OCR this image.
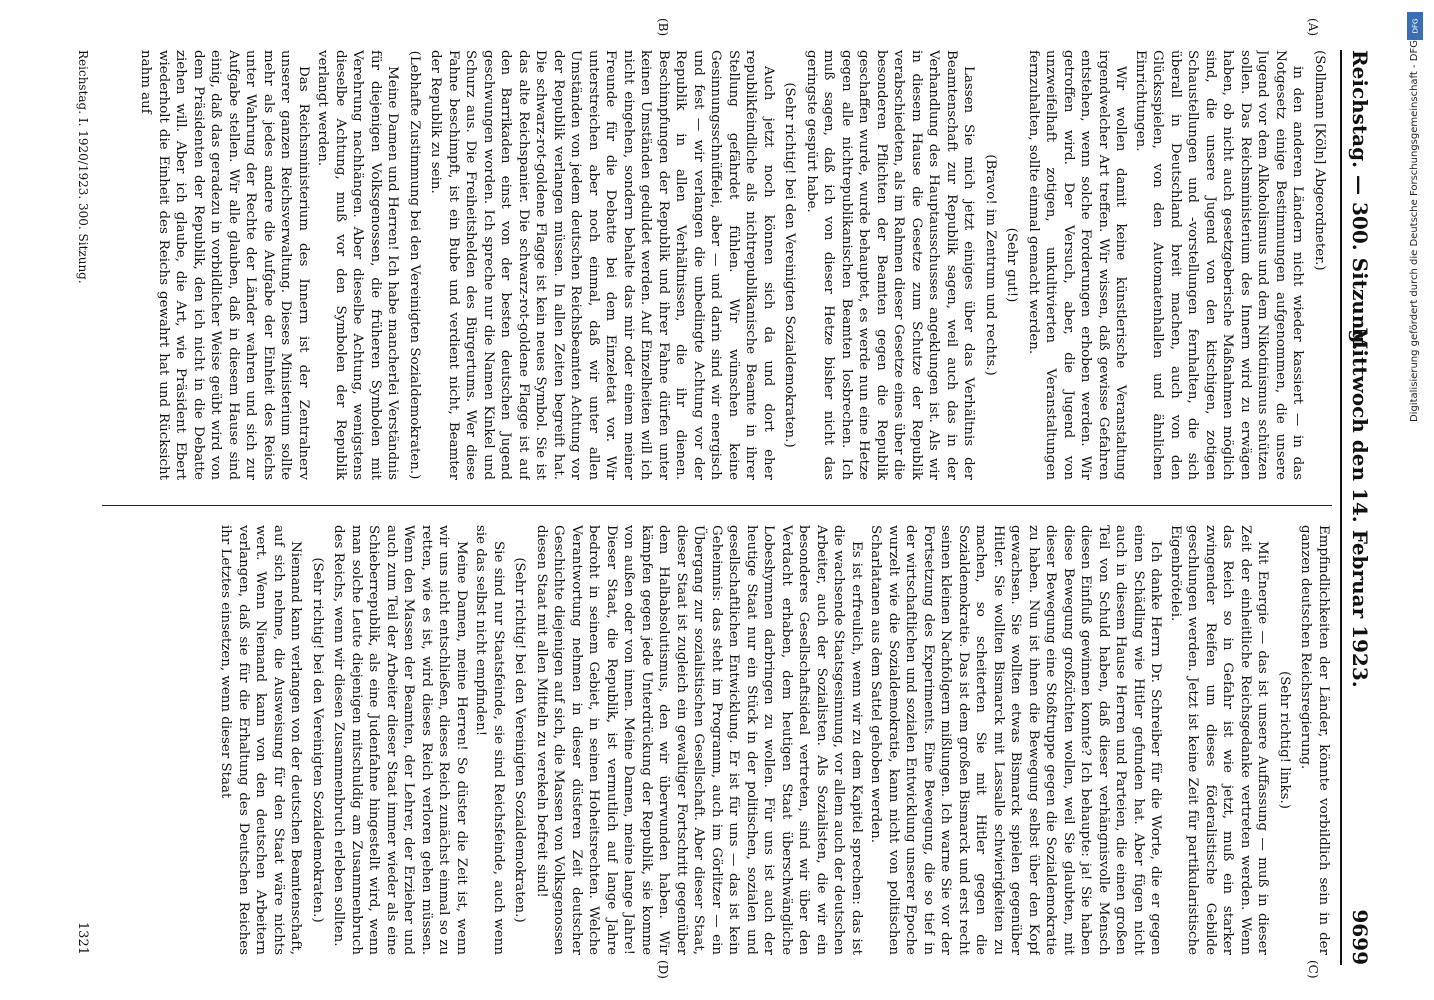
Reichstag. — 300. Sitzung.
Mittwoch den 14. Februar 1923.
9699
(A)
(B)
(C)
(D)

(Sollmann [Köln] Abgeordneter.)

in den anderen Ländern nicht wieder kassiert — in das Notgesetz einige Bestimmungen aufgenommen, die unsere Jugend vor dem Alkoholismus und dem Nikotinismus schützen sollen. Das Reichsministerium des Innern wird zu erwägen haben, ob nicht auch gesetzgeberische Maßnahmen möglich sind, die unsere Jugend von den kitschigen, zotigen Schaustellungen und -vorstellungen fernhalten, die sich überall in Deutschland breit machen, auch von den Glücksspielen, von den Automatenhallen und ähnlichen Einrichtungen.

Wir wollen damit keine künstlerische Veranstaltung irgendwelcher Art treffen. Wir wissen, daß gewisse Gefahren entstehen, wenn solche Forderungen erhoben werden. Wir getroffen wird. Der Versuch, aber, die Jugend von unzweifelhaft zotigen, unkultivierten Veranstaltungen fernzuhalten, sollte einmal gemacht werden.

(Sehr gut!)

(Bravo! im Zentrum und rechts.)

Lassen Sie mich jetzt einiges über das Verhältnis der Beamtenschaft zur Republik sagen, weil auch das in der Verhandlung des Hauptausschusses angeklungen ist. Als wir in diesem Hause die Gesetze zum Schutze der Republik verabschiedeten, als im Rahmen dieser Gesetze eines über die besonderen Pflichten der Beamten gegen die Republik geschaffen wurde, wurde behauptet, es werde nun eine Hetze gegen alle nichtrepublikanischen Beamten losbrechen. Ich muß sagen, daß ich von dieser Hetze bisher nicht das geringste gespürt habe.

(Sehr richtig! bei den Vereinigten Sozialdemokraten.)

Auch jetzt noch können sich da und dort eher republikfeindliche als nichtrepublikanische Beamte in ihrer Stellung gefährdet fühlen. Wir wünschen keine Gesinnungsschnüffelei, aber — und darin sind wir energisch und fest — wir verlangen die unbedingte Achtung vor der Republik in allen Verhältnissen, die ihr dienen. Beschimpfungen der Republik und ihrer Fahne dürfen unter keinen Umständen geduldet werden. Auf Einzelheiten will ich nicht eingehen, sondern behalte das mir oder einem meiner Freunde für die Debatte bei dem Einzeletat vor. Wir unterstreichen aber noch einmal, daß wir unter allen Umständen von jedem deutschen Reichsbeamten Achtung vor der Republik verlangen müssen. In allen Zeiten begreift hat. Die schwarz-rot-goldene Flagge ist kein neues Symbol. Sie ist das alte Reichspanier. Die schwarz-rot-goldene Flagge ist auf den Barrikaden einst von der besten deutschen Jugend geschwungen worden. Ich spreche nur die Namen Kinkel und Schurz aus. Die Freiheitshelden des Bürgertums. Wer diese Fahne beschimpft, ist ein Bube und verdient nicht, Beamter der Republik zu sein.

(Lebhafte Zustimmung bei den Vereinigten Sozialdemokraten.)

Meine Damen und Herren! Ich habe mancherlei Verständnis für diejenigen Volksgenossen, die früheren Symbolen mit Verehrung nachhängen. Aber dieselbe Achtung, wenigstens dieselbe Achtung, muß vor den Symbolen der Republik verlangt werden.

Das Reichsministerium des Innern ist der Zentralnerv unserer ganzen Reichsverwaltung. Dieses Ministerium sollte mehr als jedes andere die Aufgabe der Einheit des Reichs unter Wahrung der Rechte der Länder wahren und sich zur Aufgabe stellen. Wir alle glauben, daß in diesem Hause sind einig, daß das geradezu in vorbildlicher Weise geübt wird von dem Präsidenten der Republik, den ich nicht in die Debatte ziehen will. Aber ich glaube, die Art, wie Präsident Ebert wiederholt die Einheit des Reichs gewahrt hat und Rücksicht nahm auf

Empfindlichkeiten der Länder, könnte vorbildlich sein in der ganzen deutschen Reichsregierung.

(Sehr richtig! links.)

Mit Energie — das ist unsere Auffassung — muß in dieser Zeit der einheitliche Reichsgedanke vertreten werden. Wenn das Reich so in Gefahr ist wie jetzt, muß ein starker zwingender Reifen um dieses föderalistische Gebilde geschlungen werden. Jetzt ist keine Zeit für partikularistische Eigenbrötelei.

Ich danke Herrn Dr. Schreiber für die Worte, die er gegen einen Schädling wie Hitler gefunden hat. Aber fügen nicht auch in diesem Hause Herren und Parteien, die einen großen Teil von Schuld haben, daß dieser verhängnisvolle Mensch diesen Einfluß gewinnen konnte? Ich behaupte: ja! Sie haben diese Bewegung großzüchten wollen, weil Sie glaubten, mit dieser Bewegung eine Stoßtruppe gegen die Sozialdemokratie zu haben. Nun ist ihnen die Bewegung selbst über den Kopf gewachsen. Sie wollten etwas Bismarck spielen gegenüber Hitler. Sie wollten Bismarck mit Lassalle schwierigkeiten zu machen, so scheiterten Sie mit Hitler gegen die Sozialdemokratie. Das ist dem großen Bismarck und erst recht seinen kleinen Nachfolgern mißlungen. Ich warne Sie vor der Fortsetzung des Experiments. Eine Bewegung, die so tief in der wirtschaftlichen und sozialen Entwicklung unserer Epoche wurzelt wie die Sozialdemokratie, kann nicht von politischen Scharlatanen aus dem Sattel gehoben werden.

Es ist erfreulich, wenn wir zu dem Kapitel sprechen: das ist die wachsende Staatsgesinnung, vor allem auch der deutschen Arbeiter, auch der Sozialisten. Als Sozialisten, die wir ein besonderes Gesellschaftsideal vertreten, sind wir über den Verdacht erhaben, dem heutigen Staat überschwängliche Lobeshymnen darbringen zu wollen. Für uns ist auch der heutige Staat nur ein Stück in der politischen, sozialen und gesellschaftlichen Entwicklung. Er ist für uns — das ist kein Geheimnis: das steht im Programm, auch im Görlitzer — ein Übergang zur sozialistischen Gesellschaft. Aber dieser Staat, dieser Staat ist zugleich ein gewaltiger Fortschritt gegenüber dem Halbabsolutismus, den wir überwunden haben. Wir kämpfen gegen jede Unterdrückung der Republik, sie komme von außen oder von innen. Meine Damen, meine lange Jahre! Dieser Staat, die Republik, ist vermutlich auf lange Jahre bedroht in seinem Gebiet, in seinen Hoheitsrechten. Welche Verantwortung nehmen in dieser düsteren Zeit deutscher Geschichte diejenigen auf sich, die Massen von Volksgenossen diesen Staat mit allen Mitteln zu verekeln befreit sind!

(Sehr richtig! bei den Vereinigten Sozialdemokraten.)

Sie sind nur Staatsfeinde, sie sind Reichsfeinde, auch wenn sie das selbst nicht empfinden!

Meine Damen, meine Herren! So düster die Zeit ist, wenn wir uns nicht entschließen, dieses Reich zunächst einmal so zu retten, wie es ist, wird dieses Reich verloren gehen müssen. Wenn den Massen der Beamten, der Lehrer, der Erzieher und auch zum Teil der Arbeiter dieser Staat immer wieder als eine Schieberrepublik, als eine Judenfahne hingestellt wird, wenn man solche Leute diejenigen mitschuldig am Zusammenbruch des Reichs, wenn wir diesen Zusammenbruch erleben sollten.

(Sehr richtig! bei den Vereinigten Sozialdemokraten.)

Niemand kann verlangen von der deutschen Beamtenschaft, auf sich nehme, die Ausweisung für den Staat wäre nichts wert. Wenn Niemand kann von den deutschen Arbeitern verlangen, daß sie für die Erhaltung des Deutschen Reiches ihr Letztes einsetzen, wenn dieser Staat

Reichstag. I. 1920/1923. 300. Sitzung.
1321
Digitalisierung gefördert durch die Deutsche Forschungsgemeinschaft - DFG
DFG
